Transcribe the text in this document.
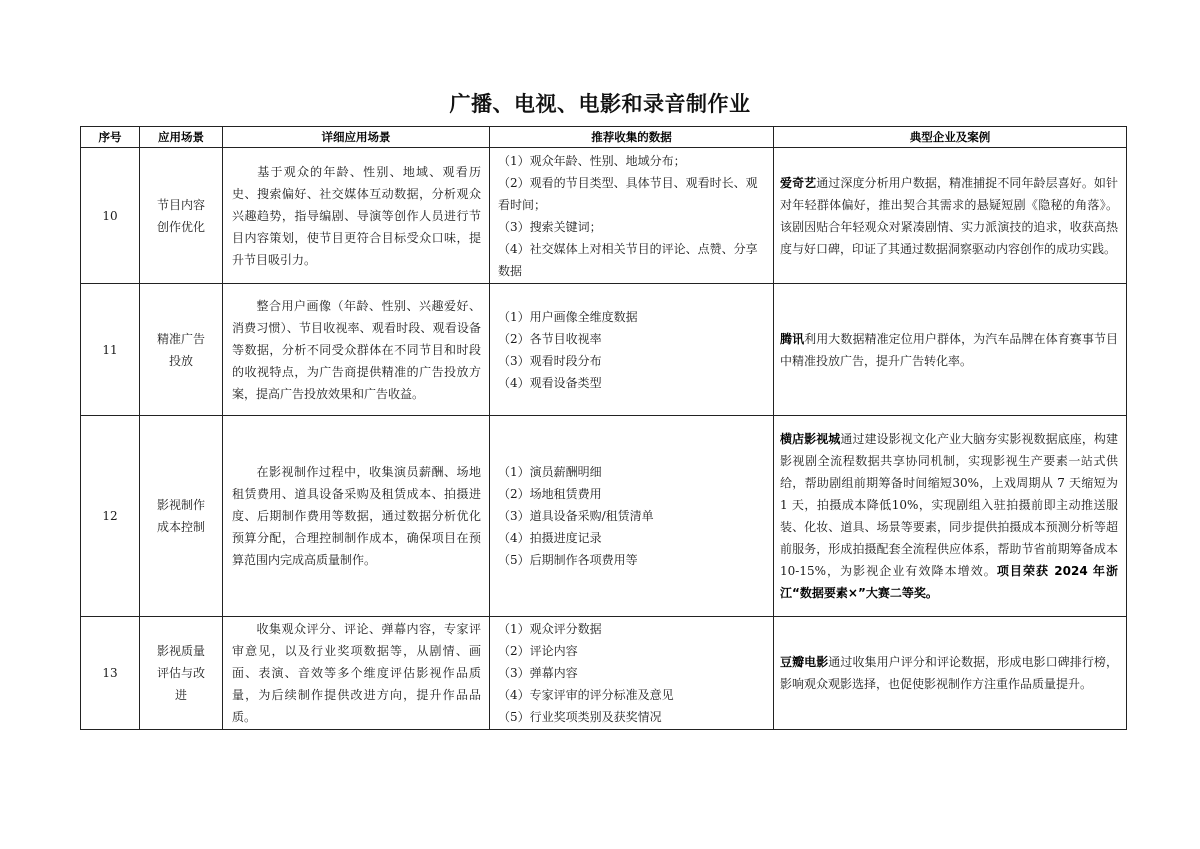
广播、电视、电影和录音制作业
序号	应用场景	详细应用场景	推荐收集的数据	典型企业及案例
10	节目内容创作优化	基于观众的年龄、性别、地域、观看历史、搜索偏好、社交媒体互动数据，分析观众兴趣趋势，指导编剧、导演等创作人员进行节目内容策划，使节目更符合目标受众口味，提升节目吸引力。	（1）观众年龄、性别、地域分布；
（2）观看的节目类型、具体节目、观看时长、观看时间；
（3）搜索关键词；
（4）社交媒体上对相关节目的评论、点赞、分享数据	爱奇艺通过深度分析用户数据，精准捕捉不同年龄层喜好。如针对年轻群体偏好，推出契合其需求的悬疑短剧《隐秘的角落》。该剧因贴合年轻观众对紧凑剧情、实力派演技的追求，收获高热度与好口碑，印证了其通过数据洞察驱动内容创作的成功实践。
11	精准广告投放	整合用户画像（年龄、性别、兴趣爱好、消费习惯）、节目收视率、观看时段、观看设备等数据，分析不同受众群体在不同节目和时段的收视特点，为广告商提供精准的广告投放方案，提高广告投放效果和广告收益。	（1）用户画像全维度数据
（2）各节目收视率
（3）观看时段分布
（4）观看设备类型	腾讯利用大数据精准定位用户群体，为汽车品牌在体育赛事节目中精准投放广告，提升广告转化率。
12	影视制作成本控制	在影视制作过程中，收集演员薪酬、场地租赁费用、道具设备采购及租赁成本、拍摄进度、后期制作费用等数据，通过数据分析优化预算分配，合理控制制作成本，确保项目在预算范围内完成高质量制作。	
（1）演员薪酬明细
（2）场地租赁费用
（3）道具设备采购/租赁清单
（4）拍摄进度记录
（5）后期制作各项费用等
	横店影视城通过建设影视文化产业大脑夯实影视数据底座，构建影视剧全流程数据共享协同机制，实现影视生产要素一站式供给，帮助剧组前期筹备时间缩短30%，上戏周期从 7 天缩短为 1 天，拍摄成本降低10%，实现剧组入驻拍摄前即主动推送服装、化妆、道具、场景等要素，同步提供拍摄成本预测分析等超前服务，形成拍摄配套全流程供应体系，帮助节省前期筹备成本 10-15%，为影视企业有效降本增效。项目荣获 2024 年浙江“数据要素×”大赛二等奖。
13	影视质量评估与改进	收集观众评分、评论、弹幕内容，专家评审意见，以及行业奖项数据等，从剧情、画面、表演、音效等多个维度评估影视作品质量，为后续制作提供改进方向，提升作品品质。	（1）观众评分数据
（2）评论内容
（3）弹幕内容
（4）专家评审的评分标准及意见
（5）行业奖项类别及获奖情况	豆瓣电影通过收集用户评分和评论数据，形成电影口碑排行榜，影响观众观影选择，也促使影视制作方注重作品质量提升。
